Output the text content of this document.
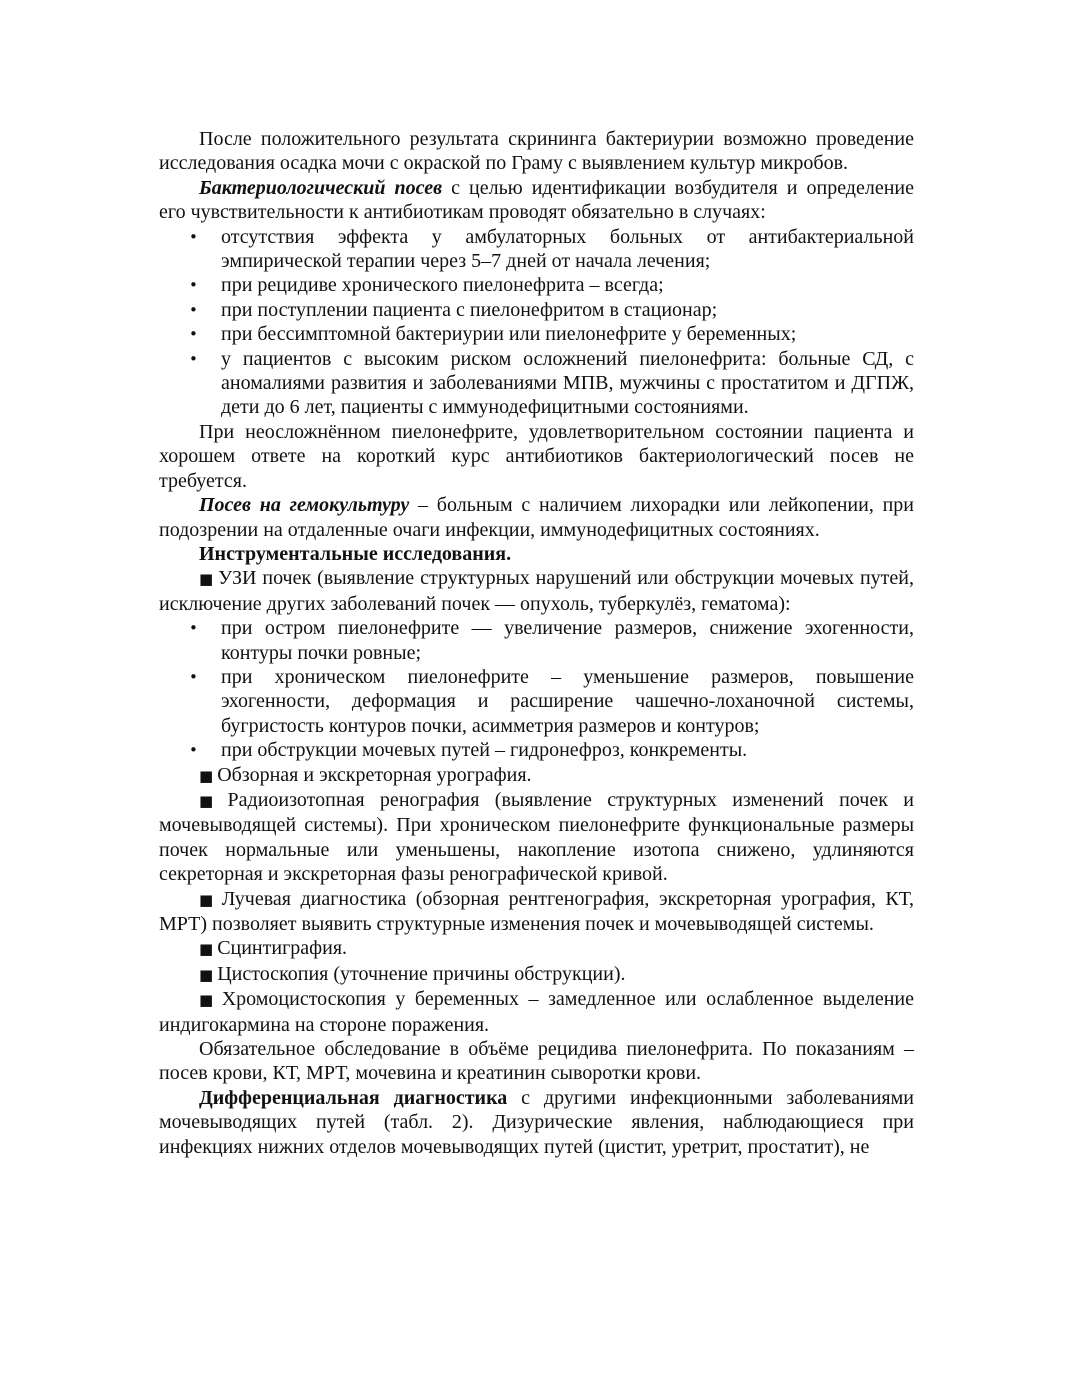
После положительного результата скрининга бактериурии возможно проведение исследования осадка мочи с окраской по Граму с выявлением культур микробов.

Бактериологический посев с целью идентификации возбудителя и определение его чувствительности к антибиотикам проводят обязательно в случаях:

• отсутствия эффекта у амбулаторных больных от антибактериальной эмпирической терапии через 5–7 дней от начала лечения;
• при рецидиве хронического пиелонефрита – всегда;
• при поступлении пациента с пиелонефритом в стационар;
• при бессимптомной бактериурии или пиелонефрите у беременных;
• у пациентов с высоким риском осложнений пиелонефрита: больные СД, с аномалиями развития и заболеваниями МПВ, мужчины с простатитом и ДГПЖ, дети до 6 лет, пациенты с иммунодефицитными состояниями.

При неосложнённом пиелонефрите, удовлетворительном состоянии пациента и хорошем ответе на короткий курс антибиотиков бактериологический посев не требуется.

Посев на гемокультуру – больным с наличием лихорадки или лейкопении, при подозрении на отдаленные очаги инфекции, иммунодефицитных состояниях.

Инструментальные исследования.

■ УЗИ почек (выявление структурных нарушений или обструкции мочевых путей, исключение других заболеваний почек — опухоль, туберкулёз, гематома):

• при остром пиелонефрите — увеличение размеров, снижение эхогенности, контуры почки ровные;
• при хроническом пиелонефрите – уменьшение размеров, повышение эхогенности, деформация и расширение чашечно-лоханочной системы, бугристость контуров почки, асимметрия размеров и контуров;
• при обструкции мочевых путей – гидронефроз, конкременты.

■ Обзорная и экскреторная урография.

■ Радиоизотопная ренография (выявление структурных изменений почек и мочевыводящей системы). При хроническом пиелонефрите функциональные размеры почек нормальные или уменьшены, накопление изотопа снижено, удлиняются секреторная и экскреторная фазы ренографической кривой.

■ Лучевая диагностика (обзорная рентгенография, экскреторная урография, КТ, МРТ) позволяет выявить структурные изменения почек и мочевыводящей системы.

■ Сцинтиграфия.

■ Цистоскопия (уточнение причины обструкции).

■ Хромоцистоскопия у беременных – замедленное или ослабленное выделение индигокармина на стороне поражения.

Обязательное обследование в объёме рецидива пиелонефрита. По показаниям – посев крови, КТ, МРТ, мочевина и креатинин сыворотки крови.

Дифференциальная диагностика с другими инфекционными заболеваниями мочевыводящих путей (табл. 2). Дизурические явления, наблюдающиеся при инфекциях нижних отделов мочевыводящих путей (цистит, уретрит, простатит), не
